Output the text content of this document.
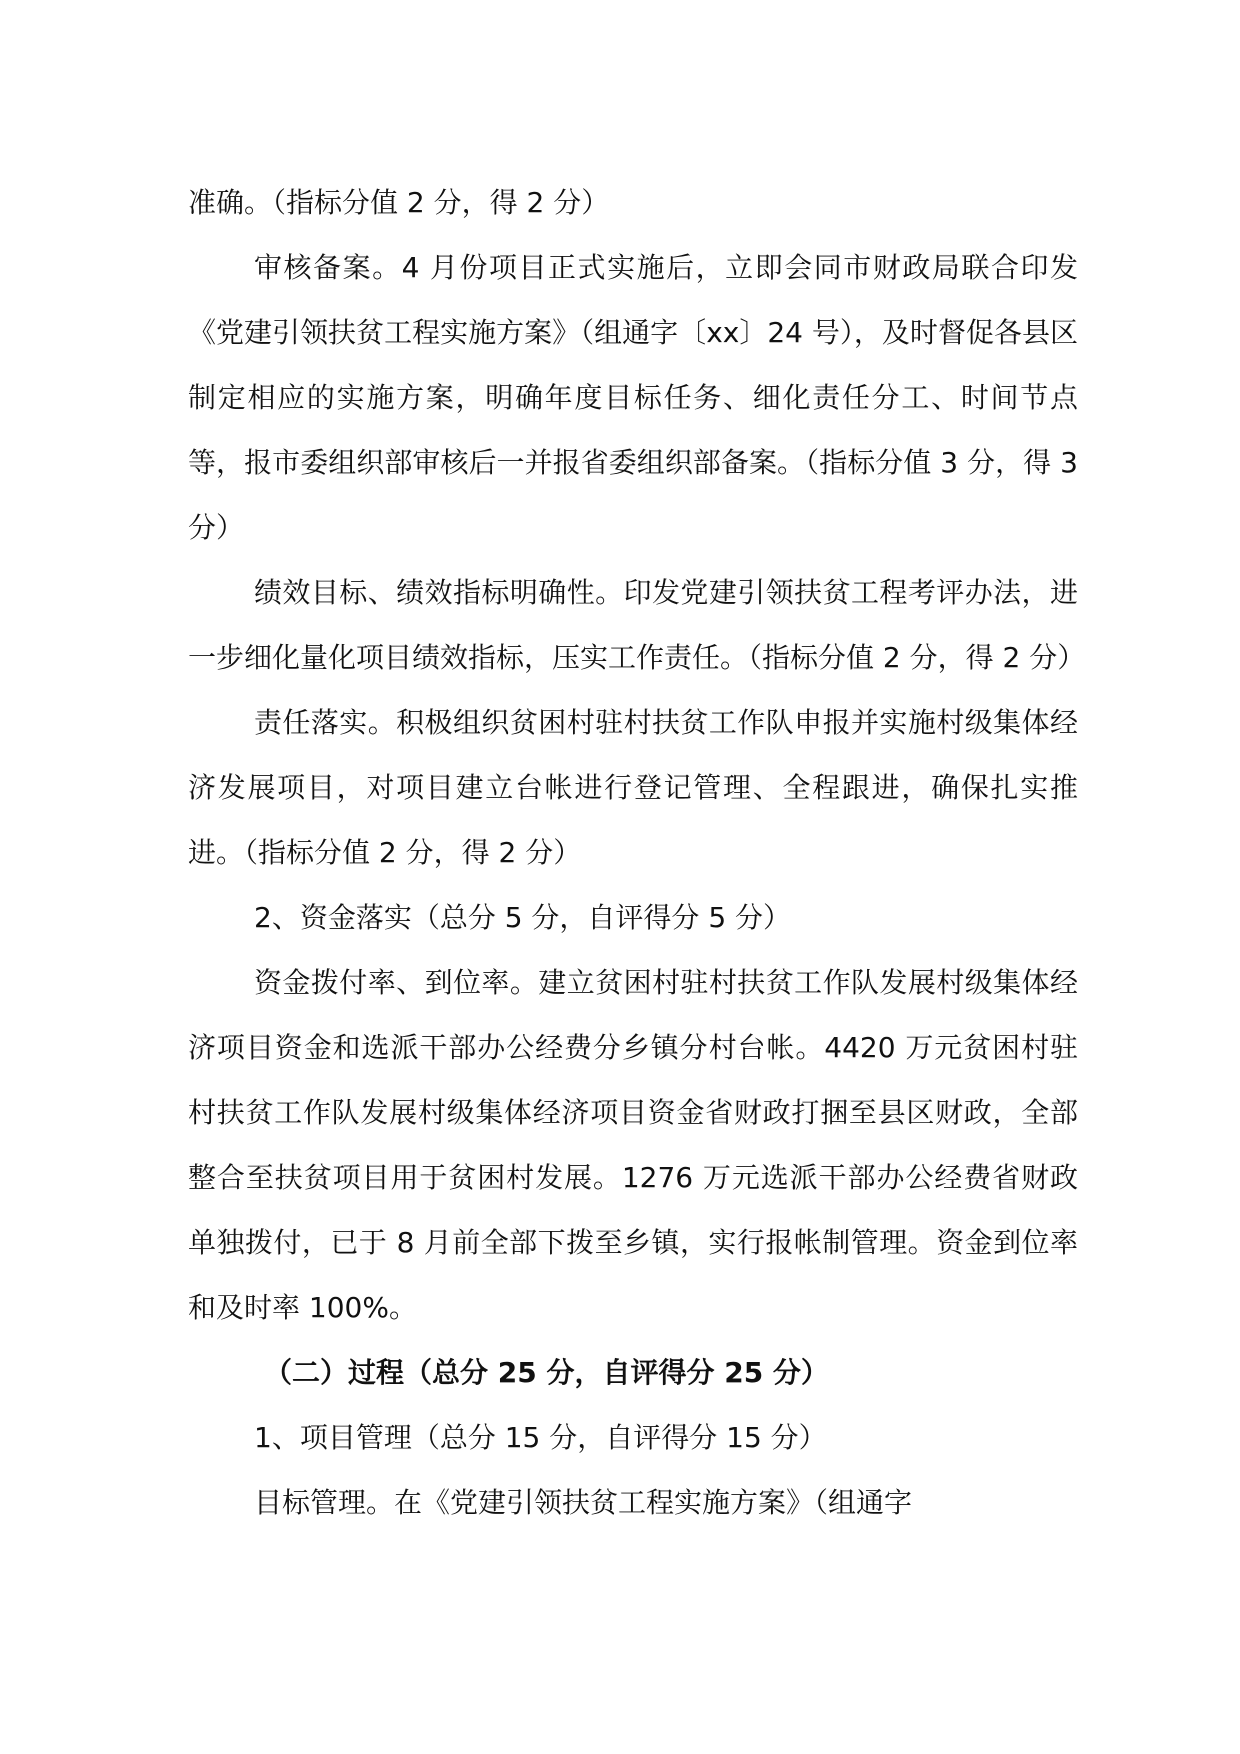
准确。（指标分值 2 分，得 2 分）

审核备案。4 月份项目正式实施后，立即会同市财政局联合印发《党建引领扶贫工程实施方案》（组通字〔xx〕24 号），及时督促各县区制定相应的实施方案，明确年度目标任务、细化责任分工、时间节点等，报市委组织部审核后一并报省委组织部备案。（指标分值 3 分，得 3 分）

绩效目标、绩效指标明确性。印发党建引领扶贫工程考评办法，进一步细化量化项目绩效指标，压实工作责任。（指标分值 2 分，得 2 分）

责任落实。积极组织贫困村驻村扶贫工作队申报并实施村级集体经济发展项目，对项目建立台帐进行登记管理、全程跟进，确保扎实推进。（指标分值 2 分，得 2 分）

2、资金落实（总分 5 分，自评得分 5 分）

资金拨付率、到位率。建立贫困村驻村扶贫工作队发展村级集体经济项目资金和选派干部办公经费分乡镇分村台帐。4420 万元贫困村驻村扶贫工作队发展村级集体经济项目资金省财政打捆至县区财政，全部整合至扶贫项目用于贫困村发展。1276 万元选派干部办公经费省财政单独拨付，已于 8 月前全部下拨至乡镇，实行报帐制管理。资金到位率和及时率 100%。

（二）过程（总分 25 分，自评得分 25 分）

1、项目管理（总分 15 分，自评得分 15 分）

目标管理。在《党建引领扶贫工程实施方案》（组通字
